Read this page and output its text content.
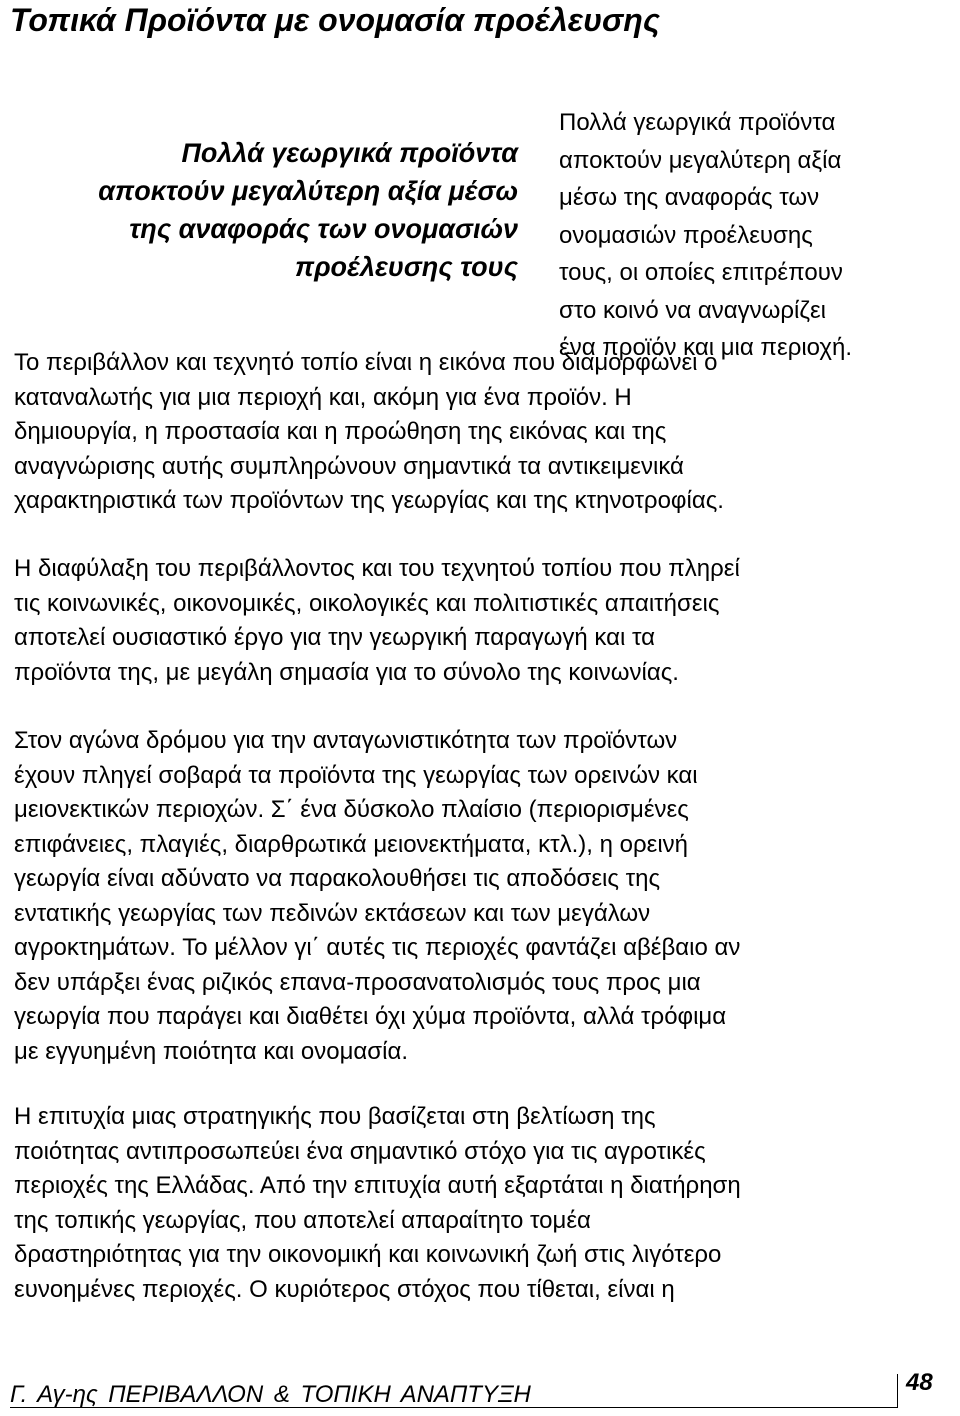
Τοπικά Προϊόντα με ονομασία προέλευσης
Πολλά γεωργικά προϊόντα
αποκτούν μεγαλύτερη αξία μέσω
της αναφοράς των ονομασιών
προέλευσης τους
Πολλά γεωργικά προϊόντα
αποκτούν μεγαλύτερη αξία
μέσω της αναφοράς των
ονομασιών προέλευσης
τους, οι οποίες επιτρέπουν
στο κοινό να αναγνωρίζει
ένα προϊόν και μια περιοχή.
Το περιβάλλον και τεχνητό τοπίο είναι η εικόνα που διαμορφώνει ο
καταναλωτής για μια περιοχή και, ακόμη για ένα προϊόν. Η
δημιουργία, η προστασία και η προώθηση της εικόνας και της
αναγνώρισης αυτής συμπληρώνουν σημαντικά τα αντικειμενικά
χαρακτηριστικά των προϊόντων της γεωργίας και της κτηνοτροφίας.
Η διαφύλαξη του περιβάλλοντος και του τεχνητού τοπίου που πληρεί
τις κοινωνικές, οικονομικές, οικολογικές και πολιτιστικές απαιτήσεις
αποτελεί ουσιαστικό έργο για την γεωργική παραγωγή και τα
προϊόντα της, με μεγάλη σημασία για το σύνολο της κοινωνίας.
Στον αγώνα δρόμου για την ανταγωνιστικότητα των προϊόντων
έχουν πληγεί σοβαρά τα προϊόντα της γεωργίας των ορεινών και
μειονεκτικών περιοχών. Σ΄ ένα δύσκολο πλαίσιο (περιορισμένες
επιφάνειες, πλαγιές, διαρθρωτικά μειονεκτήματα, κτλ.), η ορεινή
γεωργία είναι αδύνατο να παρακολουθήσει τις αποδόσεις της
εντατικής γεωργίας των πεδινών εκτάσεων και των μεγάλων
αγροκτημάτων. Το μέλλον γι΄ αυτές τις περιοχές φαντάζει αβέβαιο αν
δεν υπάρξει ένας ριζικός επανα-προσανατολισμός τους προς μια
γεωργία που παράγει και διαθέτει όχι χύμα προϊόντα, αλλά τρόφιμα
με εγγυημένη ποιότητα και ονομασία.
Η επιτυχία μιας στρατηγικής που βασίζεται στη βελτίωση της
ποιότητας αντιπροσωπεύει ένα σημαντικό στόχο για τις αγροτικές
περιοχές της Ελλάδας. Από την επιτυχία αυτή εξαρτάται η διατήρηση
της τοπικής γεωργίας, που αποτελεί απαραίτητο τομέα
δραστηριότητας για την οικονομική και κοινωνική ζωή στις λιγότερο
ευνοημένες περιοχές. Ο κυριότερος στόχος που τίθεται, είναι η
Γ. Αγ-ης ΠΕΡΙΒΑΛΛΟΝ & ΤΟΠΙΚΗ ΑΝΑΠΤΥΞΗ	48
